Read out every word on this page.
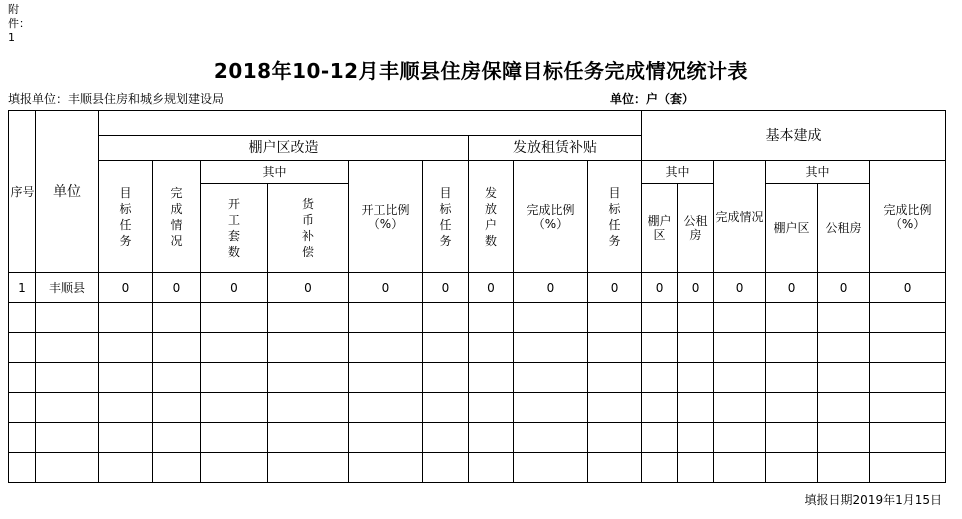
附
件：
1
2018年10-12月丰顺县住房保障目标任务完成情况统计表
填报单位：丰顺县住房和城乡规划建设局	单位：户（套）
序号	单位										基本建成					
		棚户区改造						发放租赁补贴								
		目标任务	完成情况	其中		开工比例（%）	目标任务	发放户数	完成比例（%）	目标任务	其中		完成情况	其中		完成比例（%）
				开工套数	货币补偿						棚户区	公租房		棚户区	公租房	
1	丰顺县	0	0	0	0	0	0	0	0	0	0	0	0	0	0	0

填报日期2019年1月15日
